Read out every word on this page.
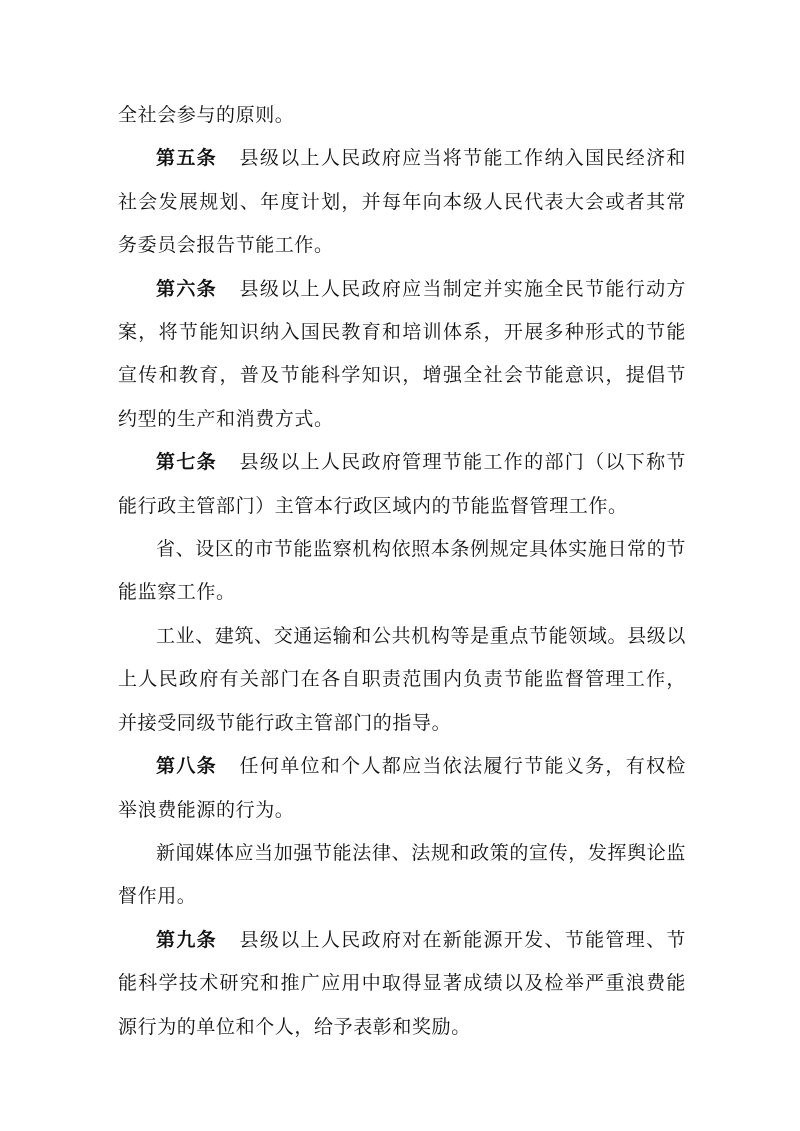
全社会参与的原则。

第五条 县级以上人民政府应当将节能工作纳入国民经济和社会发展规划、年度计划，并每年向本级人民代表大会或者其常务委员会报告节能工作。

第六条 县级以上人民政府应当制定并实施全民节能行动方案，将节能知识纳入国民教育和培训体系，开展多种形式的节能宣传和教育，普及节能科学知识，增强全社会节能意识，提倡节约型的生产和消费方式。

第七条 县级以上人民政府管理节能工作的部门（以下称节能行政主管部门）主管本行政区域内的节能监督管理工作。

省、设区的市节能监察机构依照本条例规定具体实施日常的节能监察工作。

工业、建筑、交通运输和公共机构等是重点节能领域。县级以上人民政府有关部门在各自职责范围内负责节能监督管理工作，并接受同级节能行政主管部门的指导。

第八条 任何单位和个人都应当依法履行节能义务，有权检举浪费能源的行为。

新闻媒体应当加强节能法律、法规和政策的宣传，发挥舆论监督作用。

第九条 县级以上人民政府对在新能源开发、节能管理、节能科学技术研究和推广应用中取得显著成绩以及检举严重浪费能源行为的单位和个人，给予表彰和奖励。
